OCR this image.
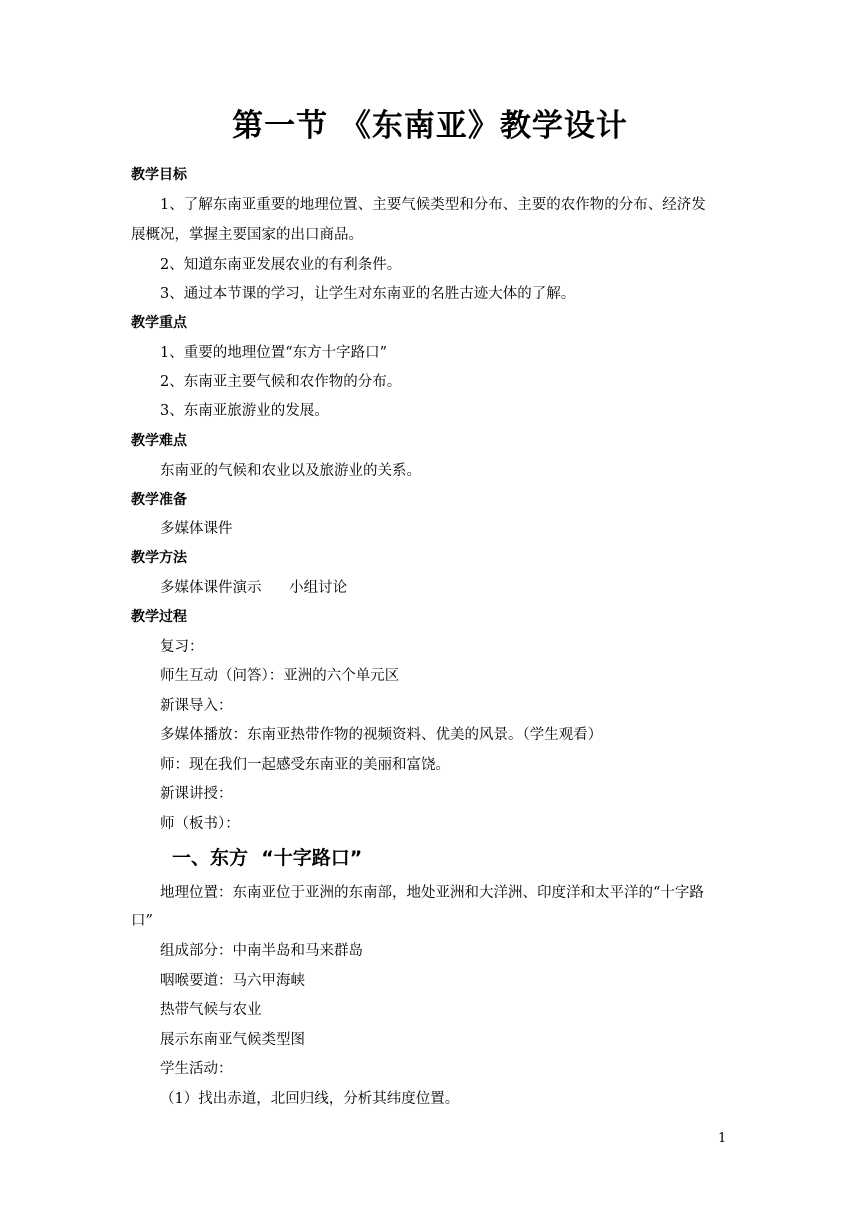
第一节 《东南亚》教学设计
教学目标
1、了解东南亚重要的地理位置、主要气候类型和分布、主要的农作物的分布、经济发
展概况，掌握主要国家的出口商品。
2、知道东南亚发展农业的有利条件。
3、通过本节课的学习，让学生对东南亚的名胜古迹大体的了解。
教学重点
1、重要的地理位置“东方十字路口”
2、东南亚主要气候和农作物的分布。
3、东南亚旅游业的发展。
教学难点
东南亚的气候和农业以及旅游业的关系。
教学准备
多媒体课件
教学方法
多媒体课件演示      小组讨论
教学过程
复习：
师生互动（问答）：亚洲的六个单元区
新课导入：
多媒体播放：东南亚热带作物的视频资料、优美的风景。（学生观看）
师：现在我们一起感受东南亚的美丽和富饶。
新课讲授：
师（板书）：
一、东方  “十字路口”
地理位置：东南亚位于亚洲的东南部，地处亚洲和大洋洲、印度洋和太平洋的“十字路
口”
组成部分：中南半岛和马来群岛
咽喉要道：马六甲海峡
热带气候与农业
展示东南亚气候类型图
学生活动：
（1）找出赤道，北回归线，分析其纬度位置。
1
